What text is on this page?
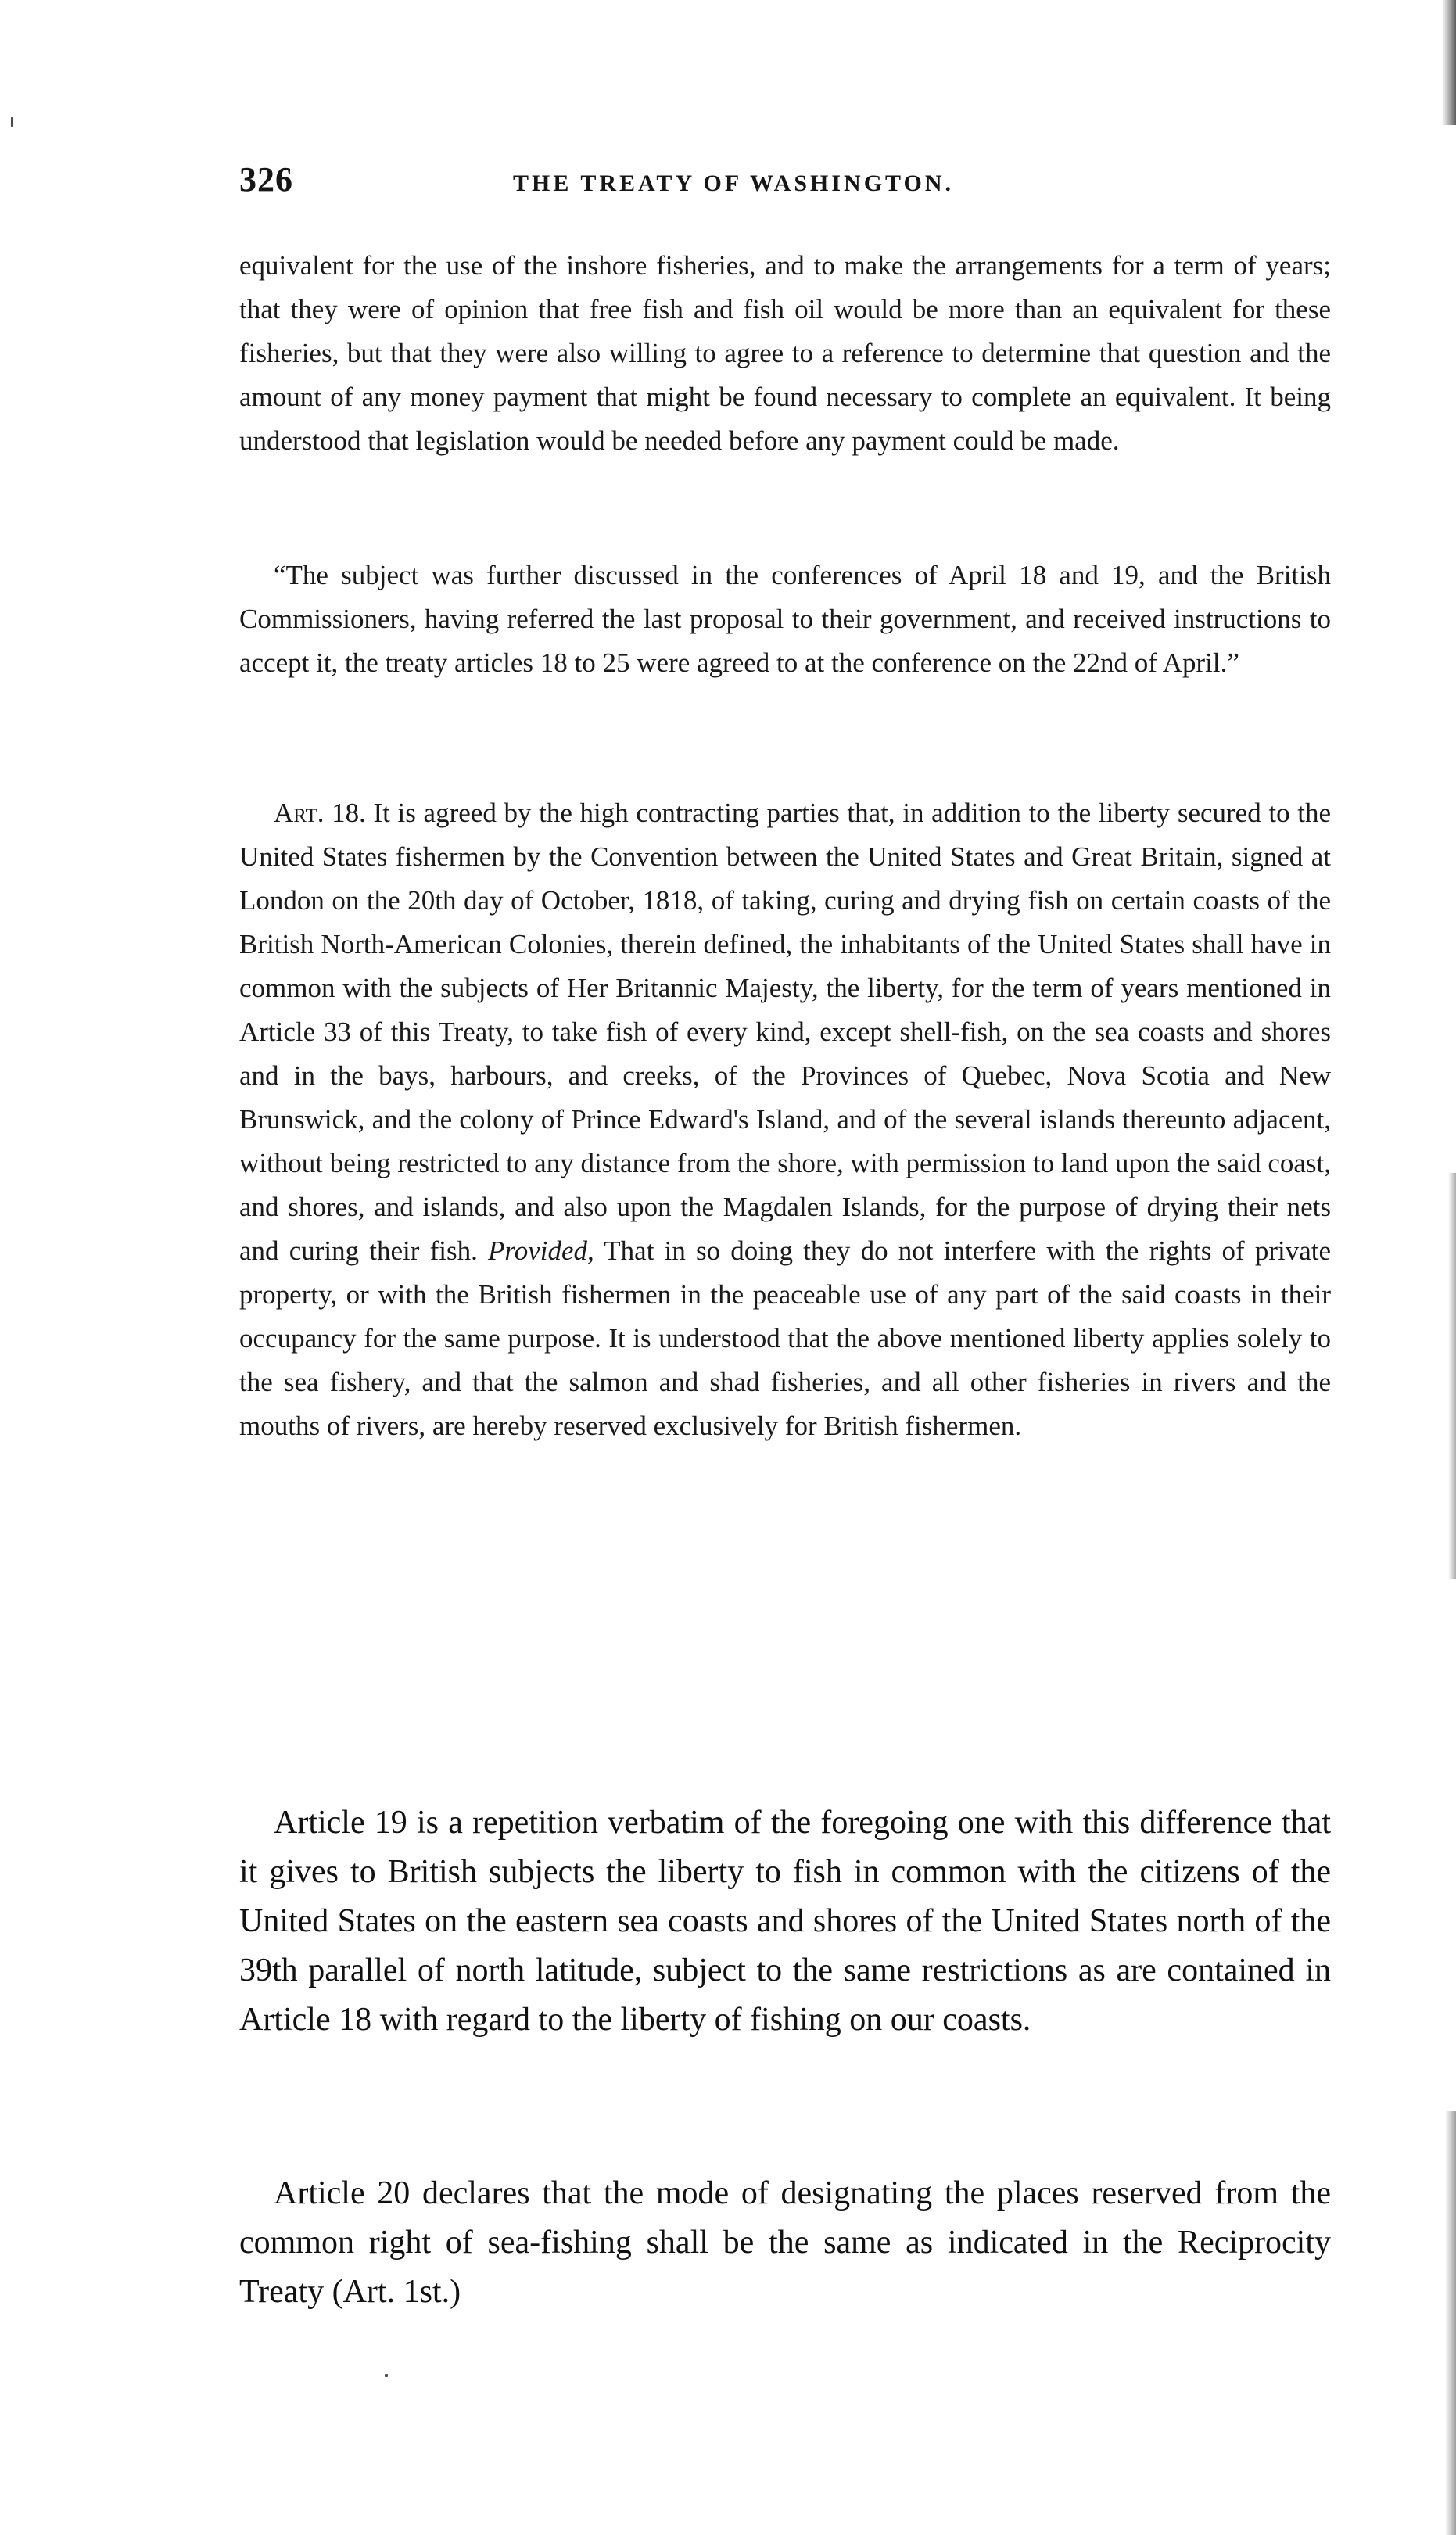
326	THE TREATY OF WASHINGTON.

equivalent for the use of the inshore fisheries, and to make the arrangements for a term of years; that they were of opinion that free fish and fish oil would be more than an equivalent for these fisheries, but that they were also willing to agree to a reference to determine that question and the amount of any money payment that might be found necessary to complete an equivalent. It being understood that legislation would be needed before any payment could be made.

“The subject was further discussed in the conferences of April 18 and 19, and the British Commissioners, having referred the last proposal to their government, and received instructions to accept it, the treaty articles 18 to 25 were agreed to at the conference on the 22nd of April.”

Art. 18. It is agreed by the high contracting parties that, in addition to the liberty secured to the United States fishermen by the Convention between the United States and Great Britain, signed at London on the 20th day of October, 1818, of taking, curing and drying fish on certain coasts of the British North-American Colonies, therein defined, the inhabitants of the United States shall have in common with the subjects of Her Britannic Majesty, the liberty, for the term of years mentioned in Article 33 of this Treaty, to take fish of every kind, except shell-fish, on the sea coasts and shores and in the bays, harbours, and creeks, of the Provinces of Quebec, Nova Scotia and New Brunswick, and the colony of Prince Edward's Island, and of the several islands thereunto adjacent, without being restricted to any distance from the shore, with permission to land upon the said coast, and shores, and islands, and also upon the Magdalen Islands, for the purpose of drying their nets and curing their fish. Provided, That in so doing they do not interfere with the rights of private property, or with the British fishermen in the peaceable use of any part of the said coasts in their occupancy for the same purpose. It is understood that the above mentioned liberty applies solely to the sea fishery, and that the salmon and shad fisheries, and all other fisheries in rivers and the mouths of rivers, are hereby reserved exclusively for British fishermen.

Article 19 is a repetition verbatim of the foregoing one with this difference that it gives to British subjects the liberty to fish in common with the citizens of the United States on the eastern sea coasts and shores of the United States north of the 39th parallel of north latitude, subject to the same restrictions as are contained in Article 18 with regard to the liberty of fishing on our coasts.

Article 20 declares that the mode of designating the places reserved from the common right of sea-fishing shall be the same as indicated in the Reciprocity Treaty (Art. 1st.)
